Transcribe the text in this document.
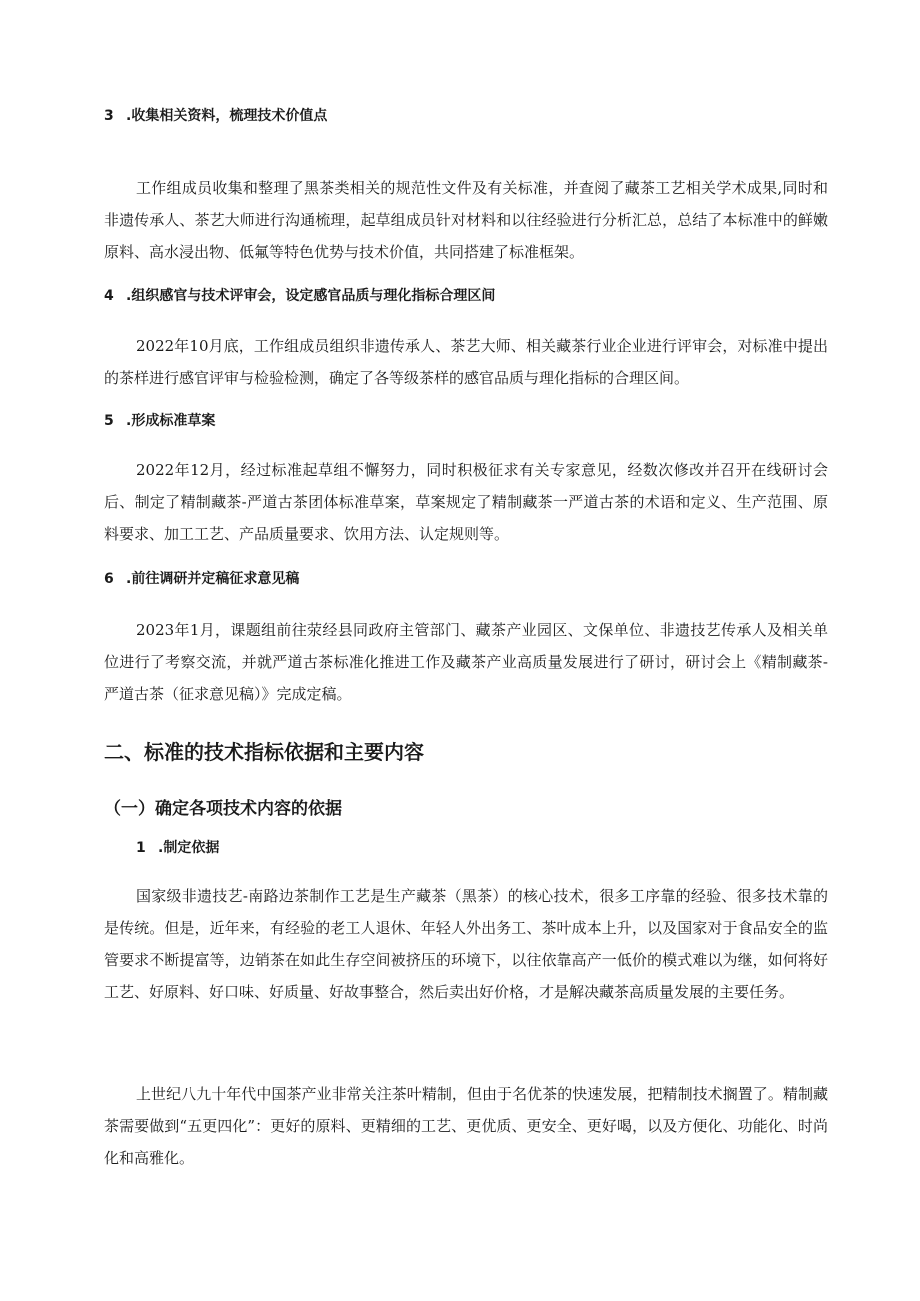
3 .收集相关资料，梳理技术价值点

工作组成员收集和整理了黑茶类相关的规范性文件及有关标准，并查阅了藏茶工艺相关学术成果,同时和非遗传承人、茶艺大师进行沟通梳理，起草组成员针对材料和以往经验进行分析汇总，总结了本标准中的鲜嫩原料、高水浸出物、低氟等特色优势与技术价值，共同搭建了标准框架。

4 .组织感官与技术评审会，设定感官品质与理化指标合理区间

2022年10月底，工作组成员组织非遗传承人、茶艺大师、相关藏茶行业企业进行评审会，对标准中提出的茶样进行感官评审与检验检测，确定了各等级茶样的感官品质与理化指标的合理区间。

5 .形成标准草案

2022年12月，经过标准起草组不懈努力，同时积极征求有关专家意见，经数次修改并召开在线研讨会后、制定了精制藏茶-严道古茶团体标准草案，草案规定了精制藏茶一严道古茶的术语和定义、生产范围、原料要求、加工工艺、产品质量要求、饮用方法、认定规则等。

6 .前往调研并定稿征求意见稿

2023年1月，课题组前往荥经县同政府主管部门、藏茶产业园区、文保单位、非遗技艺传承人及相关单位进行了考察交流，并就严道古茶标准化推进工作及藏茶产业高质量发展进行了研讨，研讨会上《精制藏茶-严道古茶（征求意见稿）》完成定稿。

二、标准的技术指标依据和主要内容
（一）确定各项技术内容的依据
1 .制定依据

国家级非遗技艺-南路边茶制作工艺是生产藏茶（黑茶）的核心技术，很多工序靠的经验、很多技术靠的是传统。但是，近年来，有经验的老工人退休、年轻人外出务工、茶叶成本上升，以及国家对于食品安全的监管要求不断提富等，边销茶在如此生存空间被挤压的环境下，以往依靠高产一低价的模式难以为继，如何将好工艺、好原料、好口味、好质量、好故事整合，然后卖出好价格，才是解决藏茶高质量发展的主要任务。

上世纪八九十年代中国茶产业非常关注茶叶精制，但由于名优茶的快速发展，把精制技术搁置了。精制藏茶需要做到“五更四化”：更好的原料、更精细的工艺、更优质、更安全、更好喝，以及方便化、功能化、时尚化和高雅化。
